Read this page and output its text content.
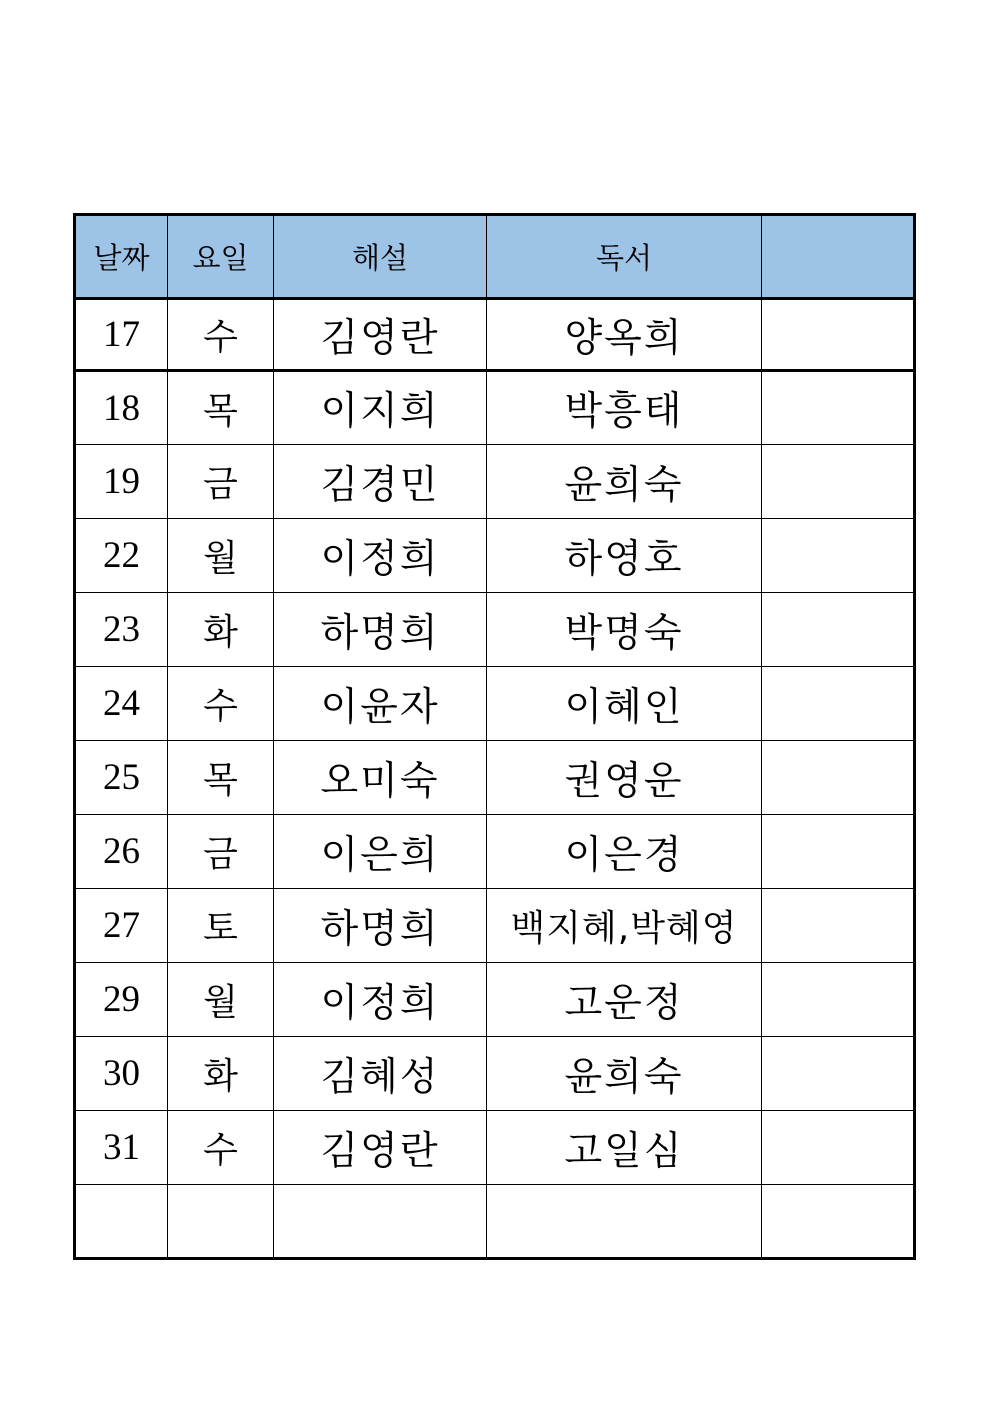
날짜	요일	해설	독서	
17	수	김영란	양옥희	
18	목	이지희	박흥태	
19	금	김경민	윤희숙	
22	월	이정희	하영호	
23	화	하명희	박명숙	
24	수	이윤자	이혜인	
25	목	오미숙	권영운	
26	금	이은희	이은경	
27	토	하명희	백지혜,박혜영	
29	월	이정희	고운정	
30	화	김혜성	윤희숙	
31	수	김영란	고일심	
